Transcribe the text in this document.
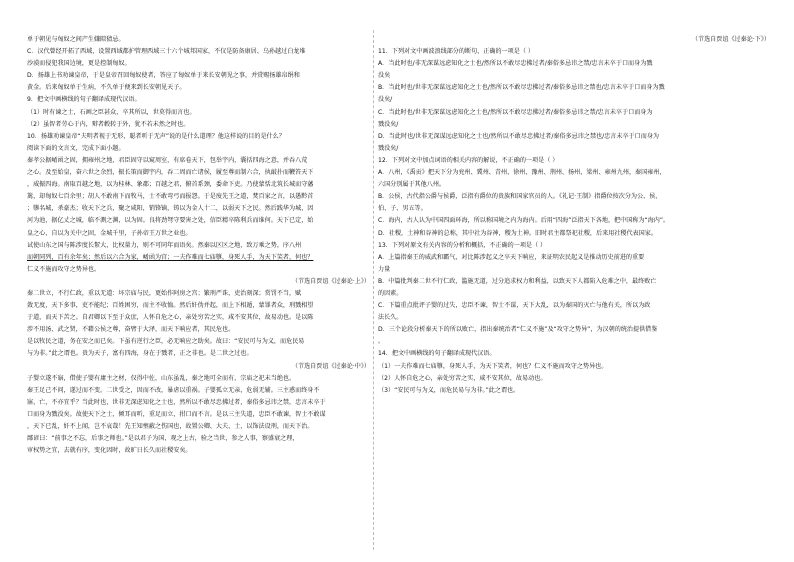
单于朝见与匈奴之间产生嫌隙猜忌。
C．汉代曾经开拓了西域，设置西域都护管理西域三十六个城邦国家，不仅是防备康居、乌孙越过白龙堆
沙漠而侵犯我国边境，更是控制匈奴。
D．扬雄上书劝谏皇帝，于是皇帝召回匈奴使者，答应了匈奴单于来长安朝见之事，并赏赐扬雄帛绢和
黄金。后来匈奴单于生病，不久单于便来到长安朝见天子。
9．把文中画横线的句子翻译成现代汉语。
（1）时有谏之士，石画之臣甚众，卒其所以，世莫得而言也。
（2）虽智者劳心于内，辩者毂转于外，犹不若未然之时也。
10．扬雄劝谏皇帝“夫明者视于无形，聪者听于无声”说的是什么道理？他这样说的目的是什么？
阅读下面的文言文，完成下面小题。
秦孝公据崤函之固，拥雍州之地，君臣固守以窥周室，有席卷天下，包举宇内，囊括四海之意，并吞八荒
之心。及至始皇，奋六世之余烈，振长策而御宇内，吞二周而亡诸侯，履至尊而制六合，执敲扑而鞭笞天下
，威振四海。南取百越之地，以为桂林、象郡；百越之君，俯首系颈，委命下吏。乃使蒙恬北筑长城而守藩
篱，却匈奴七百余里；胡人不敢南下而牧马，士不敢弯弓而报怨。于是废先王之道，焚百家之言，以愚黔首
；隳名城，杀豪杰；收天下之兵，聚之咸阳，销锋镝，铸以为金人十二，以弱天下之民。然后践华为城，因
河为池，据亿丈之城，临不测之渊，以为固。良将劲弩守要害之处，信臣精卒陈利兵而谁何。天下已定，始
皇之心，自以为关中之固，金城千里，子孙帝王万世之业也。
试使山东之国与陈涉度长絜大，比权量力，则不可同年而语矣。然秦以区区之地，致万乘之势，序八州
而朝同列，百有余年矣；然后以六合为家，崤函为宫；一夫作难而七庙隳，身死人手，为天下笑者，何也？
仁义不施而攻守之势异也。
（节选自贾谊《过秦论·上》）
秦二世立，不行仁政，重以无道：坏宗庙与民，更始作阿房之宫；繁刑严诛，吏治刻深；赏罚不当，赋
敛无度，天下多事，吏不能纪；百姓困穷，而主不收恤。然后奸伪并起，而上下相遁，蒙罪者众，刑戮相望
于道，而天下苦之。自君卿以下至于众庶，人怀自危之心，亲处穷苦之实，咸不安其位，故易动也。是以陈
涉不用汤、武之贤，不藉公侯之尊，奋臂于大泽，而天下响应者，其民危也。
是以牧民之道，务在安之而已矣。下虽有逆行之臣，必无响应之助矣。故曰：“安民可与为义，而危民易
与为非。”此之谓也。贵为天子，富有四海，身在于戮者，正之非也。是二世之过也。
（节选自贾谊《过秦论·中》）
子婴立遂不寤，借使子婴有庸主之材，仅得中佐，山东虽乱，秦之地可全而有，宗庙之祀未当绝也。
秦王足己不问，遂过而不变。二世受之，因而不改，暴虐以重祸。子婴孤立无亲，危弱无辅。三主惑而终身不
寤，亡，不亦宜乎？当此时也，世非无深虑知化之士也，然所以不敢尽忠拂过者，秦俗多忌讳之禁，忠言未卒于
口而身为戮没矣。故使天下之士，倾耳而听，重足而立，拑口而不言。是以三主失道，忠臣不敢谏，智士不敢谋
，天下已乱，奸不上闻，岂不哀哉！先王知壅蔽之伤国也，故置公卿、大夫、士，以饰法设刑，而天下治。
鄙谚曰：“前事之不忘，后事之师也。”是以君子为国，观之上古，验之当世，参之人事，察盛衰之理，
审权势之宜，去就有序，变化因时，故旷日长久而社稷安矣。
（节选自贾谊《过秦论·下》）
11．下列对文中画波浪线部分的断句，正确的一项是（ ）
A．当此时也/非无深谋远虑知化之士也/然所以不敢尽忠拂过者/秦俗多忌讳之禁/忠言未卒于口而身为戮
没矣
B．当此时也/世非无深谋远虑知化之士也/然所以不敢尽忠拂过者/秦俗多忌讳之禁也/忠言未卒于口而身为戮
没矣/
C．当此时也/世非无深谋远虑知化之士也/然所以不敢尽忠拂过者/秦俗多忌讳之禁/忠言未卒于口而身为
戮没矣/
D．当此时也/世非无深谋远虑知化之士也/然所以不敢尽忠拂过者/秦俗多忌讳之禁也/忠言未卒于口而身为
戮没矣/
12．下列对文中加点词语的相关内容的解说，不正确的一项是（ ）
A．八州，《禹贡》把天下分为兖州、冀州、青州、徐州、豫州、荆州、扬州、梁州、雍州九州，秦国雍州，
六国分别属于其他八州。
B．公侯，古代指公爵与侯爵，泛指有爵位的贵族和国家官员的人。《礼记·王制》指爵位按次分为公、侯、
伯、子、男五等。
C．海内，古人认为中国四面环海，所以称国境之内为海内。后用“四海”泛指天下各地，把中国称为“海内”。
D．社稷，土神和谷神的总称，其中社为谷神，稷为土神。旧时君主都祭祀社稷，后来用社稷代表国家。
13．下列对原文有关内容的分析和概括，不正确的一项是（ ）
A．上篇指秦王的威武和霸气，对比陈涉起义之卒天下响应，来证明农民起义是推动历史前进的重要
力量
B．中篇批判秦二世不行仁政，滥施无道，过分追求权力和利益，以致天下人都陷入危难之中，最终败亡
的因素。
C．下篇重点批评子婴的过失，忠臣不谏，智士不谋，天下大乱，以为秦国的灭亡与他有关，所以为政
法长久。
D．三个论段分析秦天下的所以败亡，指出秦统治者“仁义不施”及“攻守之势异”，为汉朝的统治提供借鉴
。
14．把文中画横线的句子翻译成现代汉语。
（1）一夫作难而七庙隳，身死人手，为天下笑者，何也？仁义不施而攻守之势异也。
（2）人怀自危之心，亲处穷苦之实，咸不安其位，故易动也。
（3）“安民可与为义，而危民易与为非。”此之谓也。
